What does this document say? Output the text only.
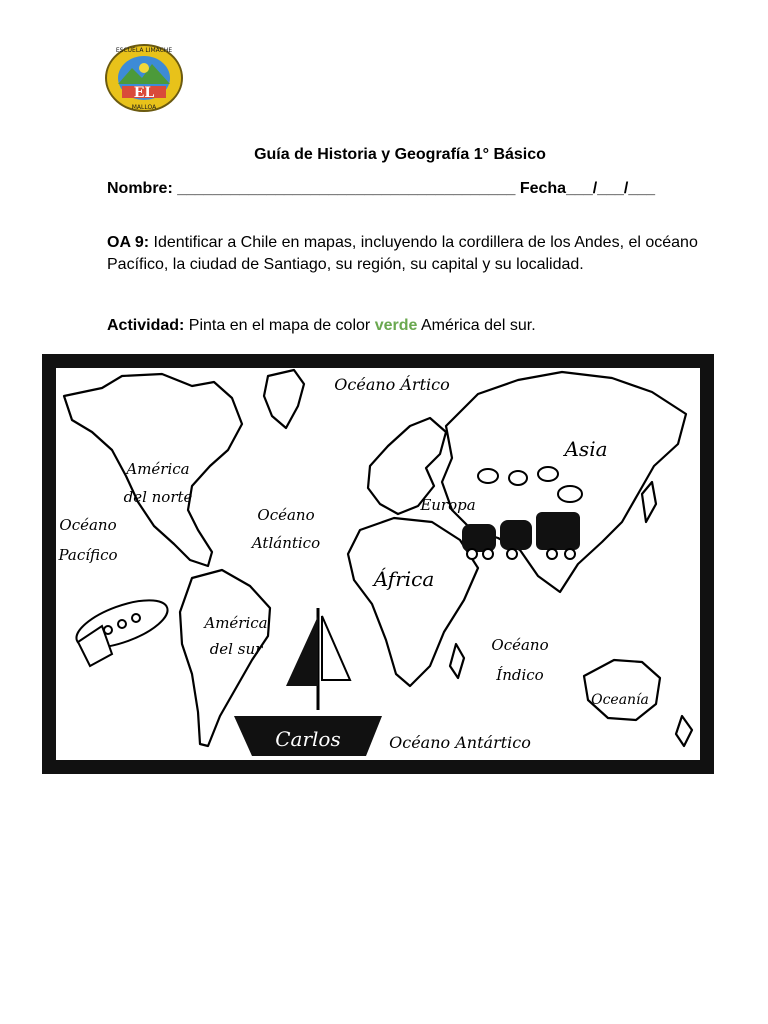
EL
ESCUELA LIMACHE
MALLOA
Guía de Historia y Geografía 1° Básico
Nombre: ______________________________________ Fecha___/___/___
OA 9: Identificar a Chile en mapas, incluyendo la cordillera de los Andes, el océano Pacífico, la ciudad de Santiago, su región, su capital y su localidad.
Actividad: Pinta en el mapa de color verde América del sur.
Océano Ártico
Asia
América
del norte
Océano
Atlántico
Europa
Océano
Pacífico
África
América
del sur	Océano
Índico
Oceanía
Carlos	Océano Antártico
